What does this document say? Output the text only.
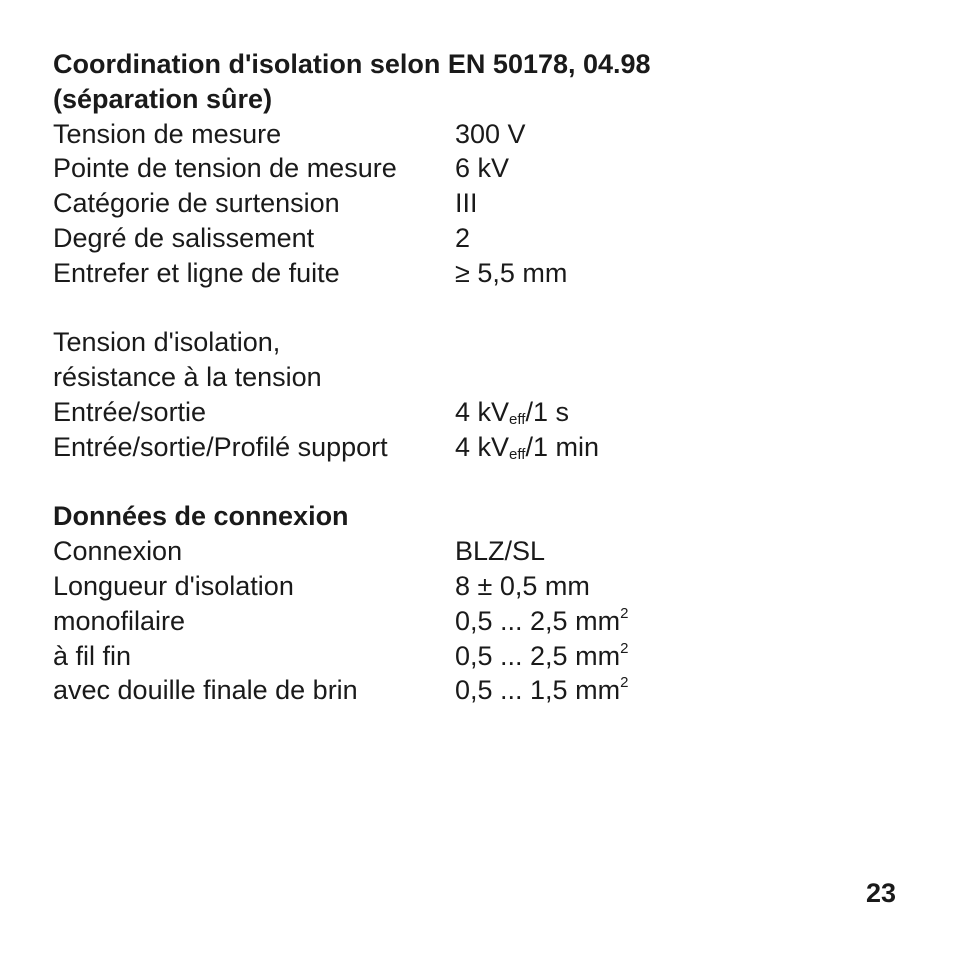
Coordination d'isolation selon EN 50178, 04.98
(séparation sûre)
Tension de mesure	300 V
Pointe de tension de mesure	6 kV
Catégorie de surtension	III
Degré de salissement	2
Entrefer et ligne de fuite	≥ 5,5 mm
Tension d'isolation,
résistance à la tension
Entrée/sortie	4 $kV_{eff}/1$ s
Entrée/sortie/Profilé support	4 $kV_{eff}/1$ min
Données de connexion
Connexion	BLZ/SL
Longueur d'isolation	8 ± 0,5 mm
monofilaire	0,5 ... 2,5 $mm^2$
à fil fin	0,5 ... 2,5 $mm^2$
avec douille finale de brin	0,5 ... 1,5 $mm^2$
23
